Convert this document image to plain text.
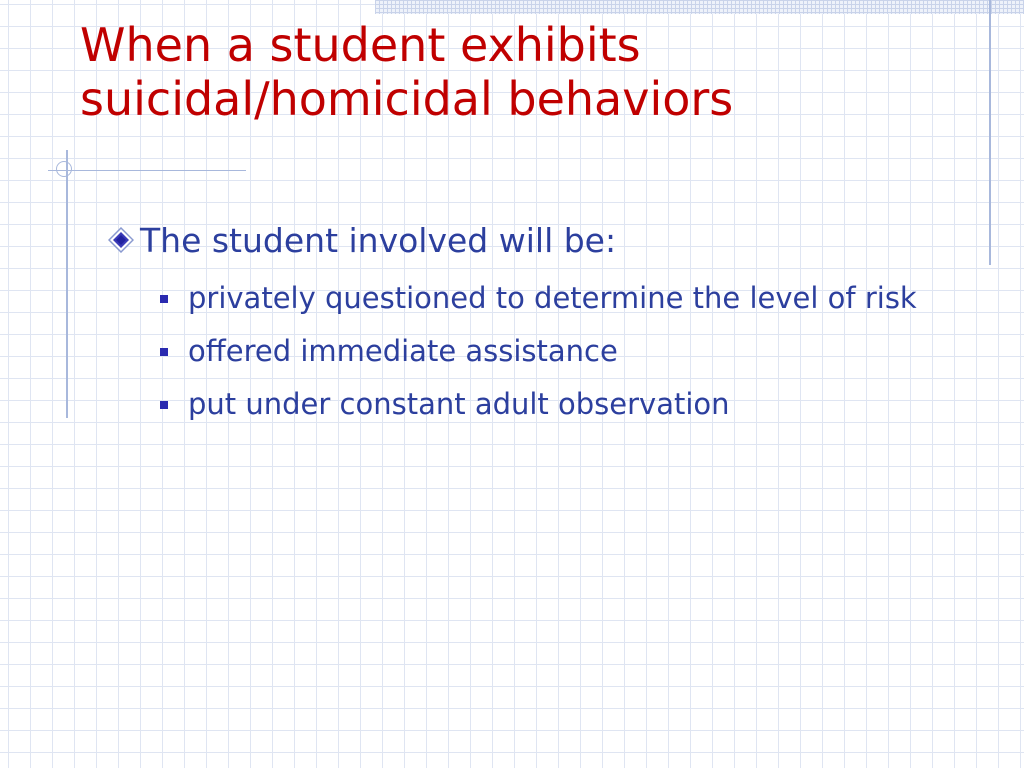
When a student exhibits
suicidal/homicidal behaviors
The student involved will be:
privately questioned to determine the level of risk
offered immediate assistance
put under constant adult observation
